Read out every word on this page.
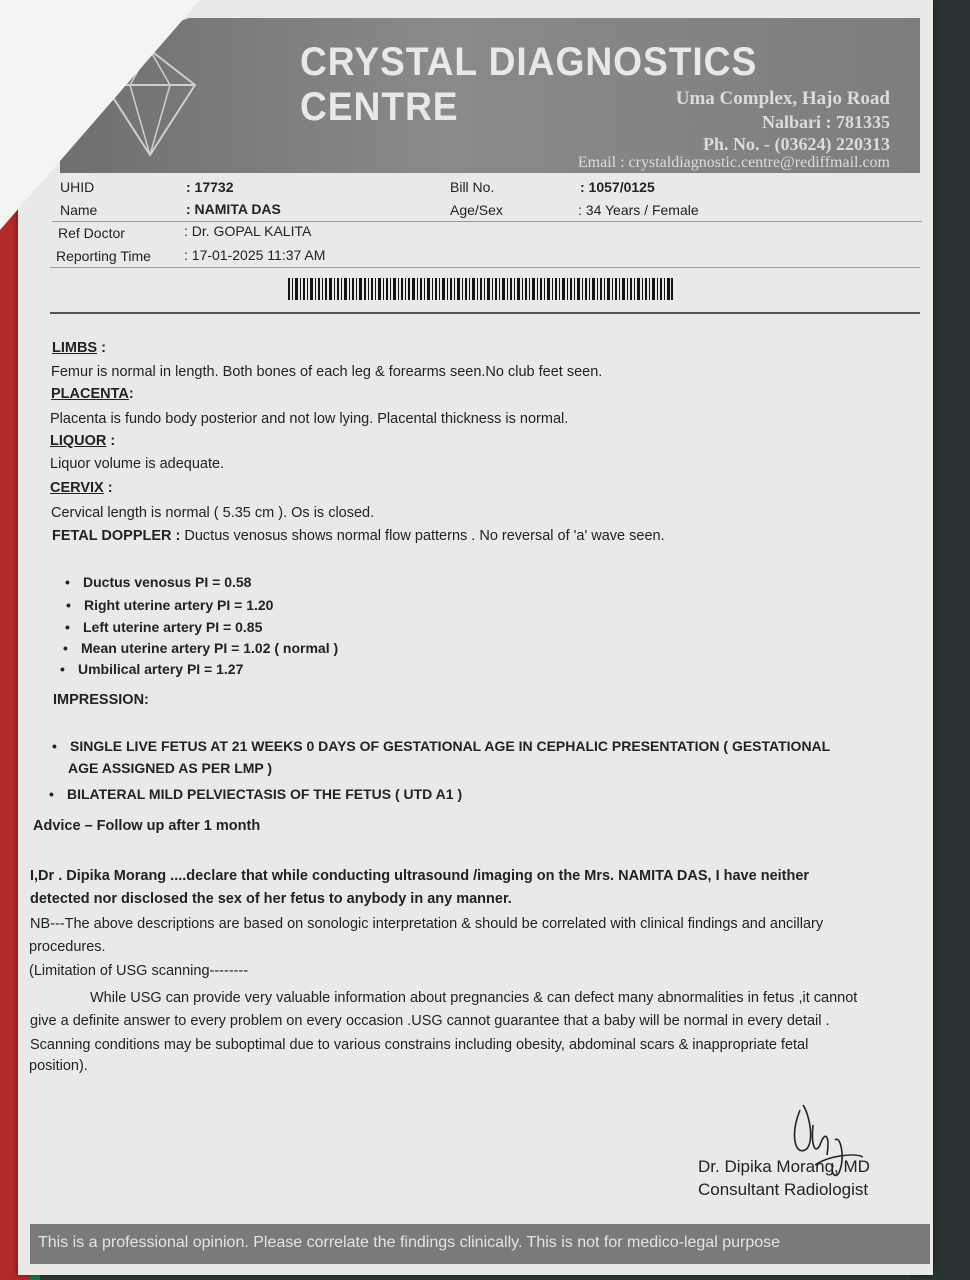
CRYSTAL DIAGNOSTICS CENTRE	Uma Complex, Hajo Road
Nalbari : 781335
Ph. No. - (03624) 220313
Email : crystaldiagnostic.centre@rediffmail.com
UHID	: 17732	Bill No.	: 1057/0125
Name	: NAMITA DAS	Age/Sex	: 34 Years / Female
Ref Doctor	: Dr. GOPAL KALITA
Reporting Time : 17-01-2025 11:37 AM
LIMBS :
Femur is normal in length. Both bones of each leg & forearms seen.No club feet seen.
PLACENTA:
Placenta is fundo body posterior and not low lying. Placental thickness is normal.
LIQUOR :
Liquor volume is adequate.
CERVIX :
Cervical length is normal ( 5.35 cm ). Os is closed.
FETAL DOPPLER : Ductus venosus shows normal flow patterns . No reversal of 'a' wave seen.
• Ductus venosus PI = 0.58
• Right uterine artery PI = 1.20
• Left uterine artery PI = 0.85
• Mean uterine artery PI = 1.02 ( normal )
• Umbilical artery PI = 1.27
IMPRESSION:
• SINGLE LIVE FETUS AT 21 WEEKS 0 DAYS OF GESTATIONAL AGE IN CEPHALIC PRESENTATION ( GESTATIONAL
AGE ASSIGNED AS PER LMP )
• BILATERAL MILD PELVIECTASIS OF THE FETUS ( UTD A1 )
Advice – Follow up after 1 month
I,Dr . Dipika Morang ....declare that while conducting ultrasound /imaging on the Mrs. NAMITA DAS, I have neither
detected nor disclosed the sex of her fetus to anybody in any manner.
NB---The above descriptions are based on sonologic interpretation & should be correlated with clinical findings and ancillary
procedures.
(Limitation of USG scanning--------
While USG can provide very valuable information about pregnancies & can defect many abnormalities in fetus ,it cannot
give a definite answer to every problem on every occasion .USG cannot guarantee that a baby will be normal in every detail .
Scanning conditions may be suboptimal due to various constrains including obesity, abdominal scars & inappropriate fetal
position).
Dr. Dipika Morang, MD
Consultant Radiologist
This is a professional opinion. Please correlate the findings clinically. This is not for medico-legal purpose
